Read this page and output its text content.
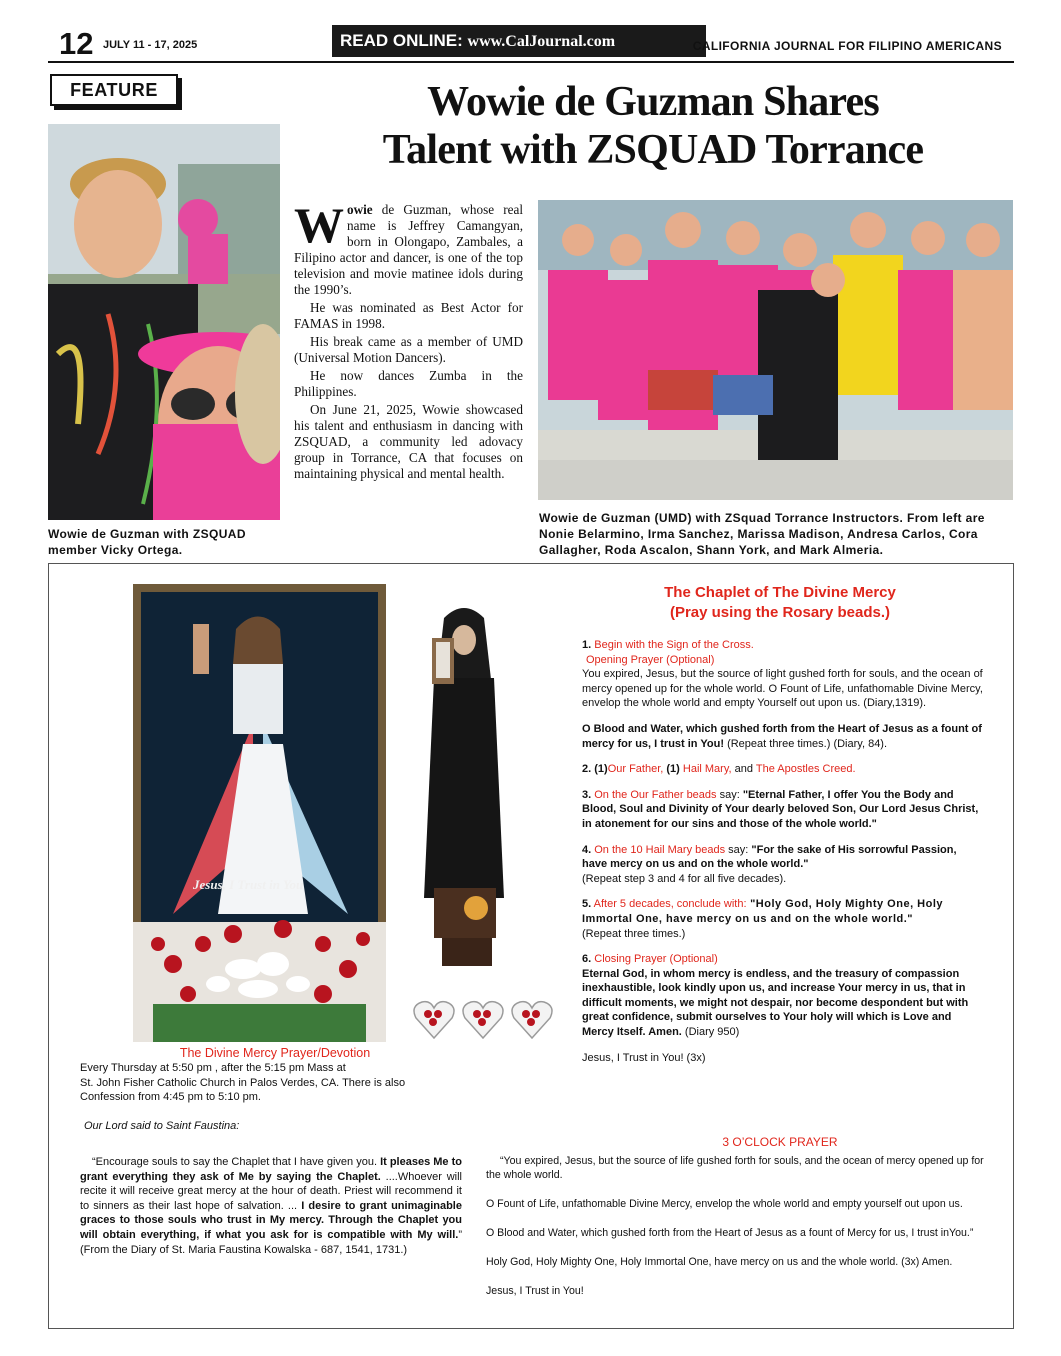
12 JULY 11 - 17, 2025	READ ONLINE: www.CalJournal.com	CALIFORNIA JOURNAL FOR FILIPINO AMERICANS
FEATURE	Wowie de Guzman Shares
Talent with ZSQUAD Torrance
Wowie de Guzman with ZSQUAD member Vicky Ortega.

Wowie de Guzman, whose real name is Jeffrey Camangyan, born in Olongapo, Zambales, a Filipino actor and dancer, is one of the top television and movie matinee idols during the 1990’s.

He was nominated as Best Actor for FAMAS in 1998.

His break came as a member of UMD (Universal Motion Dancers).

He now dances Zumba in the Philippines.

On June 21, 2025, Wowie showcased his talent and enthusiasm in dancing with ZSQUAD, a community led adovacy group in Torrance, CA that focuses on maintaining physical and mental health.

Wowie de Guzman (UMD) with ZSquad Torrance Instructors. From left are Nonie Belarmino, Irma Sanchez, Marissa Madison, Andresa Carlos, Cora Gallagher, Roda Ascalon, Shann York, and Mark Almeria.
Jesus, I Trust in You
The Divine Mercy Prayer/Devotion
Every Thursday at 5:50 pm , after the 5:15 pm Mass at
St. John Fisher Catholic Church in Palos Verdes, CA. There is also
Confession from 4:45 pm to 5:10 pm.
Our Lord said to Saint Faustina:
“Encourage souls to say the Chaplet that I have given you. It pleases Me to grant everything they ask of Me by saying the Chaplet. ....Whoever will recite it will receive great mercy at the hour of death. Priest will recommend it to sinners as their last hope of salvation. ... I desire to grant unimaginable graces to those souls who trust in My mercy. Through the Chaplet you will obtain everything, if what you ask for is compatible with My will.” (From the Diary of St. Maria Faustina Kowalska - 687, 1541, 1731.)
The Chaplet of The Divine Mercy
(Pray using the Rosary beads.)
1. Begin with the Sign of the Cross.
Opening Prayer (Optional)
You expired, Jesus, but the source of light gushed forth for souls, and the ocean of mercy opened up for the whole world. O Fount of Life, unfathomable Divine Mercy, envelop the whole world and empty Yourself out upon us. (Diary,1319).
O Blood and Water, which gushed forth from the Heart of Jesus as a fount of mercy for us, I trust in You! (Repeat three times.) (Diary, 84).
2. (1)Our Father, (1) Hail Mary, and The Apostles Creed.
3. On the Our Father beads say: "Eternal Father, I offer You the Body and Blood, Soul and Divinity of Your dearly beloved Son, Our Lord Jesus Christ, in atonement for our sins and those of the whole world."
4. On the 10 Hail Mary beads say: "For the sake of His sorrowful Passion, have mercy on us and on the whole world."
(Repeat step 3 and 4 for all five decades).
5. After 5 decades, conclude with: "Holy God, Holy Mighty One, Holy Immortal One, have mercy on us and on the whole world."
(Repeat three times.)
6. Closing Prayer (Optional)
Eternal God, in whom mercy is endless, and the treasury of compassion inexhaustible, look kindly upon us, and increase Your mercy in us, that in difficult moments, we might not despair, nor become despondent but with great confidence, submit ourselves to Your holy will which is Love and Mercy Itself. Amen. (Diary 950)
Jesus, I Trust in You! (3x)
3 O’CLOCK PRAYER

“You expired, Jesus, but the source of life gushed forth for souls, and the ocean of mercy opened up for the whole world.

O Fount of Life, unfathomable Divine Mercy, envelop the whole world and empty yourself out upon us.

O Blood and Water, which gushed forth from the Heart of Jesus as a fount of Mercy for us, I trust inYou.”

Holy God, Holy Mighty One, Holy Immortal One, have mercy on us and the whole world. (3x) Amen.

Jesus, I Trust in You!
